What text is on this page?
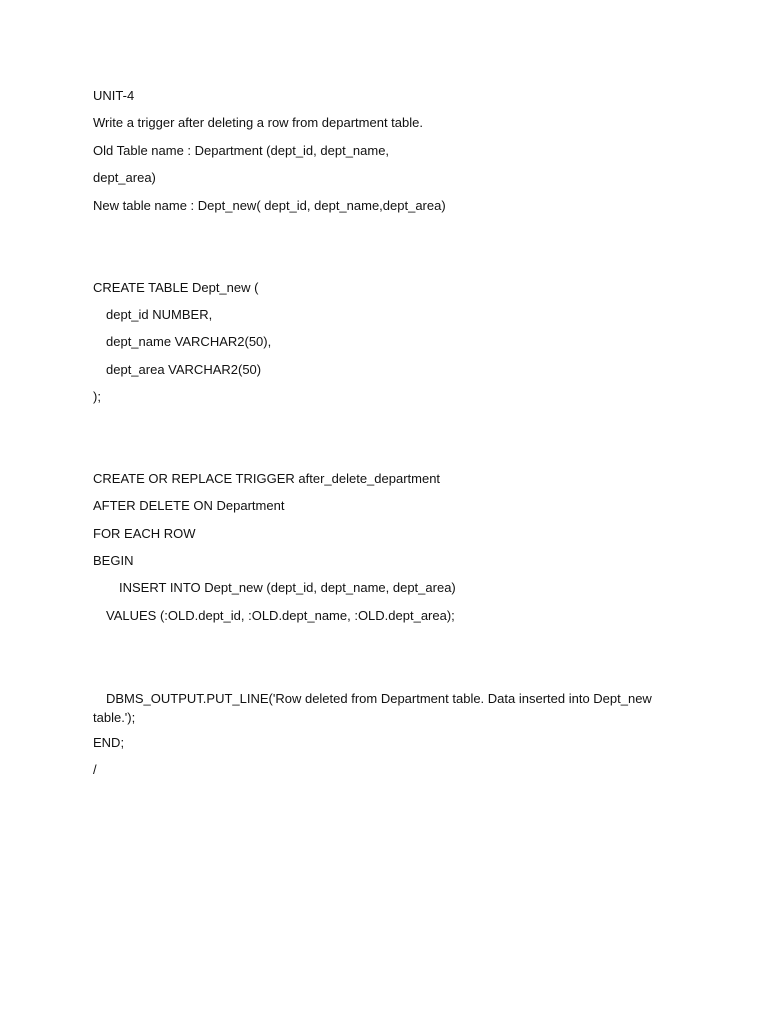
UNIT-4
Write a trigger after deleting a row from department table.
Old Table name : Department (dept_id, dept_name,
dept_area)
New table name : Dept_new( dept_id, dept_name,dept_area)
CREATE TABLE Dept_new (
dept_id NUMBER,
dept_name VARCHAR2(50),
dept_area VARCHAR2(50)
);
CREATE OR REPLACE TRIGGER after_delete_department
AFTER DELETE ON Department
FOR EACH ROW
BEGIN
INSERT INTO Dept_new (dept_id, dept_name, dept_area)
VALUES (:OLD.dept_id, :OLD.dept_name, :OLD.dept_area);
DBMS_OUTPUT.PUT_LINE('Row deleted from Department table. Data inserted into Dept_new table.');
END;
/
